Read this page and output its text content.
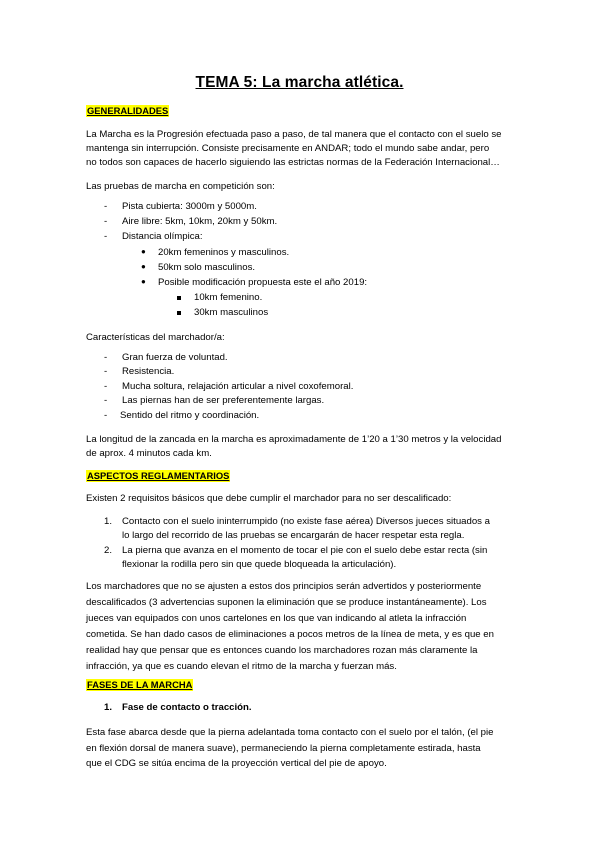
TEMA 5: La marcha atlética.
GENERALIDADES
La Marcha es la Progresión efectuada paso a paso, de tal manera que el contacto con el suelo se
mantenga sin interrupción. Consiste precisamente en ANDAR; todo el mundo sabe andar, pero
no todos son capaces de hacerlo siguiendo las estrictas normas de la Federación Internacional…
Las pruebas de marcha en competición son:
- Pista cubierta: 3000m y 5000m.
- Aire libre: 5km, 10km, 20km y 50km.
- Distancia olímpica:
● 20km femeninos y masculinos.
● 50km solo masculinos.
● Posible modificación propuesta este el año 2019:
10km femenino.
30km masculinos
Características del marchador/a:
- Gran fuerza de voluntad.
- Resistencia.
- Mucha soltura, relajación articular a nivel coxofemoral.
- Las piernas han de ser preferentemente largas.
- Sentido del ritmo y coordinación.
La longitud de la zancada en la marcha es aproximadamente de 1’20 a 1’30 metros y la velocidad
de aprox. 4 minutos cada km.
ASPECTOS REGLAMENTARIOS
Existen 2 requisitos básicos que debe cumplir el marchador para no ser descalificado:
1. Contacto con el suelo ininterrumpido (no existe fase aérea) Diversos jueces situados a
lo largo del recorrido de las pruebas se encargarán de hacer respetar esta regla.
2. La pierna que avanza en el momento de tocar el pie con el suelo debe estar recta (sin
flexionar la rodilla pero sin que quede bloqueada la articulación).
Los marchadores que no se ajusten a estos dos principios serán advertidos y posteriormente
descalificados (3 advertencias suponen la eliminación que se produce instantáneamente). Los
jueces van equipados con unos cartelones en los que van indicando al atleta la infracción
cometida. Se han dado casos de eliminaciones a pocos metros de la línea de meta, y es que en
realidad hay que pensar que es entonces cuando los marchadores rozan más claramente la
infracción, ya que es cuando elevan el ritmo de la marcha y fuerzan más.
FASES DE LA MARCHA
1. Fase de contacto o tracción.
Esta fase abarca desde que la pierna adelantada toma contacto con el suelo por el talón, (el pie
en flexión dorsal de manera suave), permaneciendo la pierna completamente estirada, hasta
que el CDG se sitúa encima de la proyección vertical del pie de apoyo.
